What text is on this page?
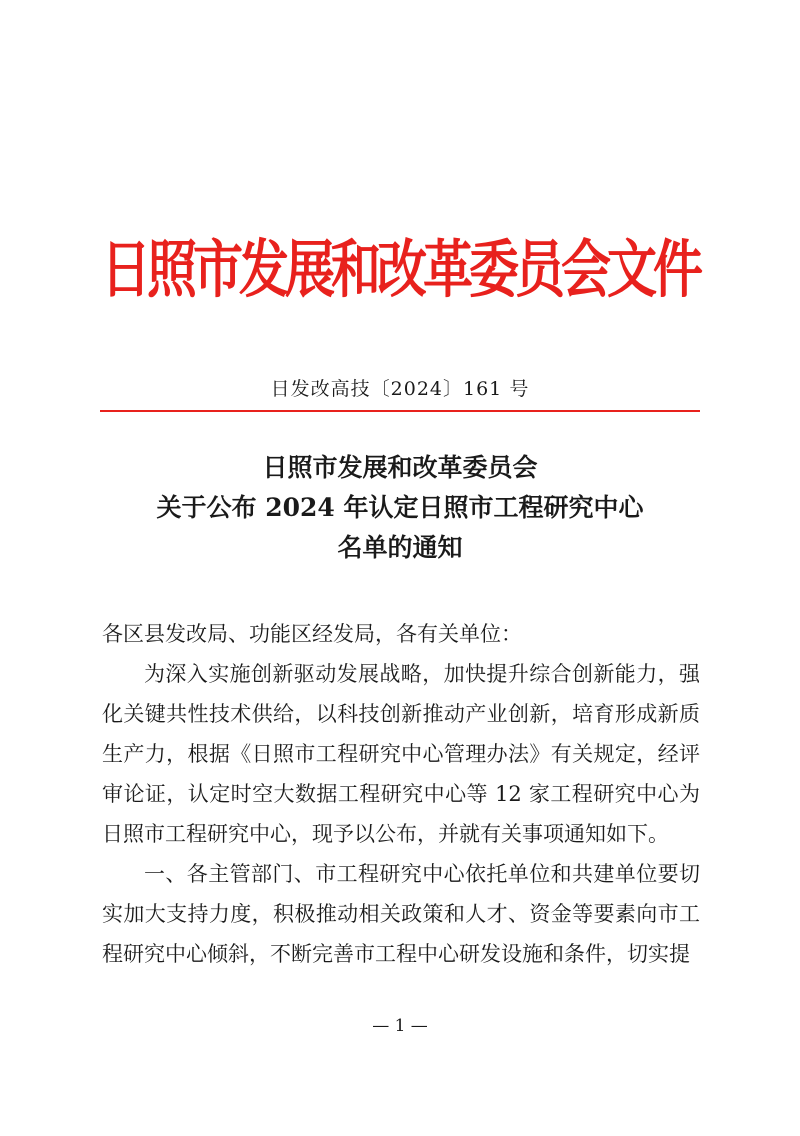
日照市发展和改革委员会文件
日发改高技〔2024〕161 号
日照市发展和改革委员会
关于公布 2024 年认定日照市工程研究中心
名单的通知

各区县发改局、功能区经发局，各有关单位：

为深入实施创新驱动发展战略，加快提升综合创新能力，强化关键共性技术供给，以科技创新推动产业创新，培育形成新质生产力，根据《日照市工程研究中心管理办法》有关规定，经评审论证，认定时空大数据工程研究中心等 12 家工程研究中心为日照市工程研究中心，现予以公布，并就有关事项通知如下。

一、各主管部门、市工程研究中心依托单位和共建单位要切实加大支持力度，积极推动相关政策和人才、资金等要素向市工程研究中心倾斜，不断完善市工程中心研发设施和条件，切实提

— 1 —
